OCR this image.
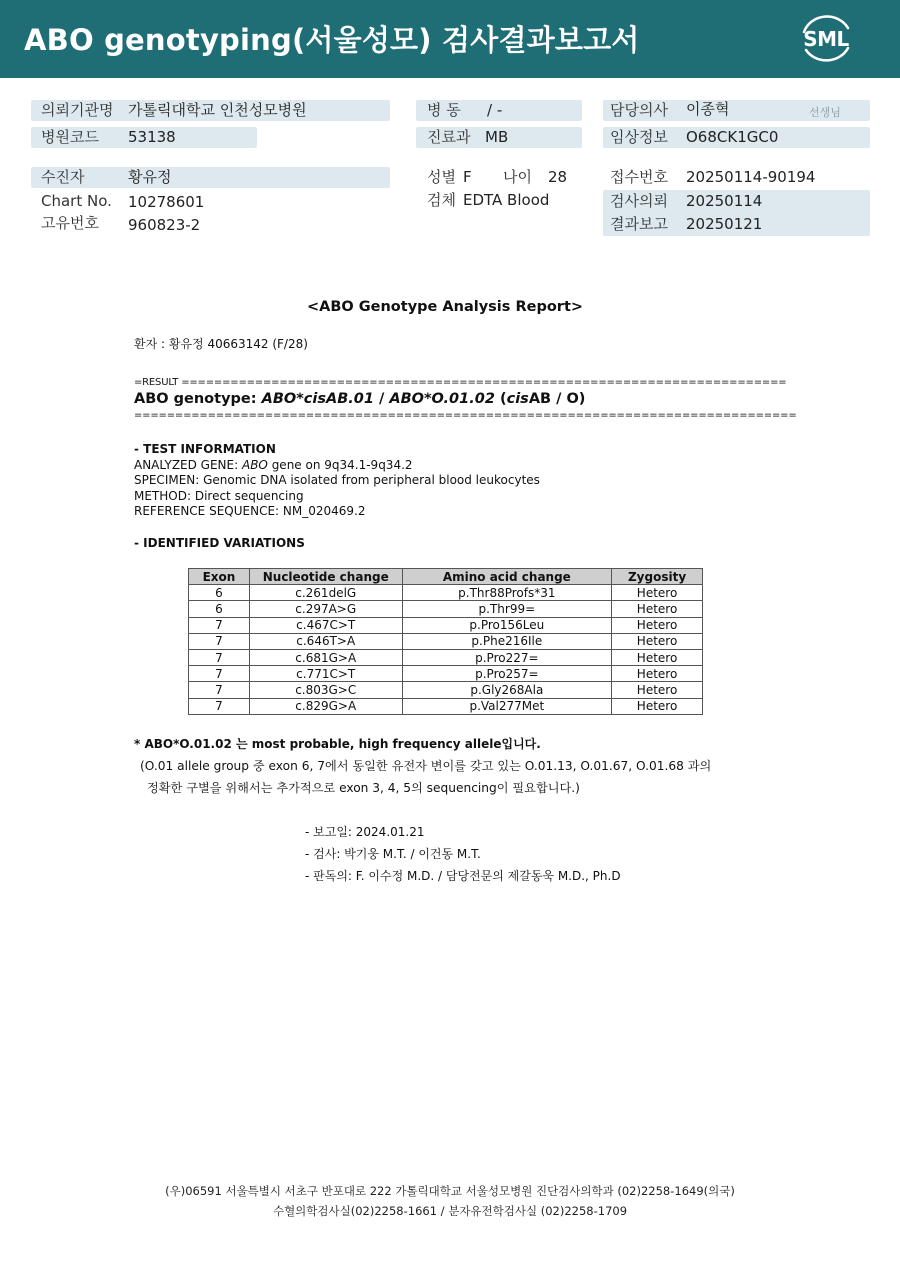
ABO genotyping(서울성모) 검사결과보고서	SML
의뢰기관명 가톨릭대학교 인천성모병원
병원코드 53138
수진자	황유정
Chart No. 10278601
고유번호 960823-2
병 동 / -
진료과 MB
성별 F 나이 28
검체 EDTA Blood
담당의사 이종혁	선생님
임상정보 O68CK1GC0
접수번호 20250114-90194
검사의뢰 20250114
결과보고 20250121
<ABO Genotype Analysis Report>
환자 : 황유정 40663142 (F/28)
=RESULT ==========================================================================
ABO genotype: ABO*cisAB.01 / ABO*O.01.02 (cisAB / O)
=================================================================================
- TEST INFORMATION
ANALYZED GENE: ABO gene on 9q34.1-9q34.2
SPECIMEN: Genomic DNA isolated from peripheral blood leukocytes
METHOD: Direct sequencing
REFERENCE SEQUENCE: NM_020469.2
- IDENTIFIED VARIATIONS
Exon	Nucleotide change	Amino acid change	Zygosity
6	c.261delG	p.Thr88Profs*31	Hetero
6	c.297A>G	p.Thr99=	Hetero
7	c.467C>T	p.Pro156Leu	Hetero
7	c.646T>A	p.Phe216Ile	Hetero
7	c.681G>A	p.Pro227=	Hetero
7	c.771C>T	p.Pro257=	Hetero
7	c.803G>C	p.Gly268Ala	Hetero
7	c.829G>A	p.Val277Met	Hetero
* ABO*O.01.02 는 most probable, high frequency allele입니다.
(O.01 allele group 중 exon 6, 7에서 동일한 유전자 변이를 갖고 있는 O.01.13, O.01.67, O.01.68 과의
정확한 구별을 위해서는 추가적으로 exon 3, 4, 5의 sequencing이 필요합니다.)
- 보고일: 2024.01.21
- 검사: 박기웅 M.T. / 이건동 M.T.
- 판독의: F. 이수정 M.D. / 담당전문의 제갈동욱 M.D., Ph.D
(우)06591 서울특별시 서초구 반포대로 222 가톨릭대학교 서울성모병원 진단검사의학과 (02)2258-1649(의국)
수혈의학검사실(02)2258-1661 / 분자유전학검사실 (02)2258-1709
